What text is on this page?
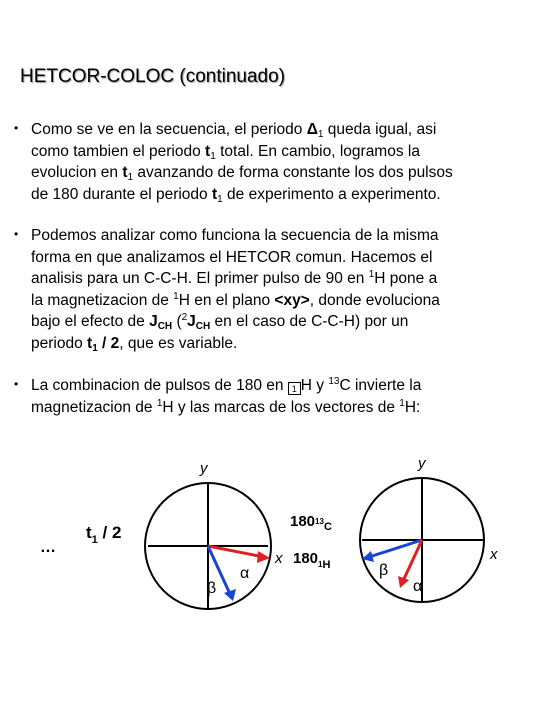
HETCOR-COLOC (continuado)
• Como se ve en la secuencia, el periodo $\Delta_1$ queda igual, asi
como tambien el periodo $t_1$ total. En cambio, logramos la
evolucion en $t_1$ avanzando de forma constante los dos pulsos
de 180 durante el periodo $t_1$ de experimento a experimento.
• Podemos analizar como funciona la secuencia de la misma
forma en que analizamos el HETCOR comun. Hacemos el
analisis para un C-C-H. El primer pulso de 90 en $^1$H pone a
la magnetizacion de $^1$H en el plano <xy>, donde evoluciona
bajo el efecto de $J_{CH}$ ($^2J_{CH}$ en el caso de C-C-H) por un
periodo $t_1 / 2$, que es variable.
• La combinacion de pulsos de 180 en 1 H y $^{13}$C invierte la
magnetizacion de $^1$H y las marcas de los vectores de $^1$H:
…
$t_1 / 2$
y
x
α
β
$18013_C$
$180_1H$
y
x
α
β
